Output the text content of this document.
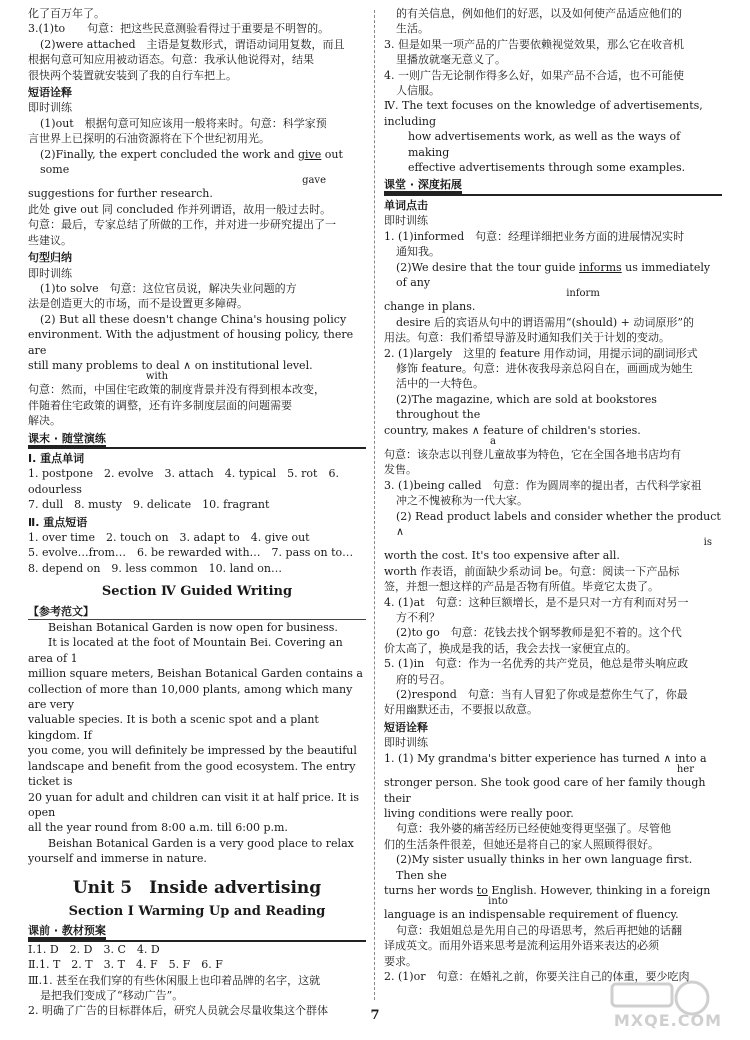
化了百万年了。
3.(1)to　　句意：把这些民意测验看得过于重要是不明智的。
(2)were attached　主语是复数形式，谓语动词用复数，而且
根据句意可知应用被动语态。句意：我承认他说得对，结果
很快两个装置就安装到了我的自行车把上。
短语诠释
即时训练
(1)out　根据句意可知应该用一般将来时。句意：科学家预
言世界上已探明的石油资源将在下个世纪初用光。
(2)Finally, the expert concluded the work and give out some
gave
suggestions for further research.
此处 give out 同 concluded 作并列谓语，故用一般过去时。
句意：最后，专家总结了所做的工作，并对进一步研究提出了一
些建议。
句型归纳
即时训练
(1)to solve　句意：这位官员说，解决失业问题的方
法是创造更大的市场，而不是设置更多障碍。
(2) But all these doesn't change China's housing policy
environment. With the adjustment of housing policy, there are
still many problems to deal ∧ on institutional level.
with
句意：然而，中国住宅政策的制度背景并没有得到根本改变，
伴随着住宅政策的调整，还有许多制度层面的问题需要
解决。
课末 · 随堂演练
Ⅰ. 重点单词
1. postpone　2. evolve　3. attach　4. typical　5. rot　6. odourless
7. dull　8. musty　9. delicate　10. fragrant
Ⅱ. 重点短语
1. over time　2. touch on　3. adapt to　4. give out
5. evolve…from…　6. be rewarded with…　7. pass on to…
8. depend on　9. less common　10. land on…
Section Ⅳ Guided Writing
【参考范文】
Beishan Botanical Garden is now open for business.
It is located at the foot of Mountain Bei. Covering an area of 1
million square meters, Beishan Botanical Garden contains a
collection of more than 10,000 plants, among which many are very
valuable species. It is both a scenic spot and a plant kingdom. If
you come, you will definitely be impressed by the beautiful
landscape and benefit from the good ecosystem. The entry ticket is
20 yuan for adult and children can visit it at half price. It is open
all the year round from 8:00 a.m. till 6:00 p.m.
Beishan Botanical Garden is a very good place to relax
yourself and immerse in nature.
Unit 5　Inside advertising
Section Ⅰ Warming Up and Reading
课前 · 教材预案
Ⅰ.1. D　2. D　3. C　4. D
Ⅱ.1. T　2. T　3. T　4. F　5. F　6. F
Ⅲ.1. 甚至在我们穿的有些休闲服上也印着品牌的名字，这就
是把我们变成了“移动广告”。
2. 明确了广告的目标群体后，研究人员就会尽量收集这个群体
的有关信息，例如他们的好恶，以及如何使产品适应他们的
生活。
3. 但是如果一项产品的广告要依赖视觉效果，那么它在收音机
里播放就毫无意义了。
4. 一则广告无论制作得多么好，如果产品不合适，也不可能使
人信服。
Ⅳ. The text focuses on the knowledge of advertisements, including
how advertisements work, as well as the ways of making
effective advertisements through some examples.
课堂 · 深度拓展
单词点击
即时训练
1. (1)informed　句意：经理详细把业务方面的进展情况实时
通知我。
(2)We desire that the tour guide informs us immediately of any
inform
change in plans.
desire 后的宾语从句中的谓语需用“(should) + 动词原形”的
用法。句意：我们希望导游及时通知我们关于计划的变动。
2. (1)largely　这里的 feature 用作动词，用提示词的副词形式
修饰 feature。句意：进休夜我母亲总闷自在，画画成为她生
活中的一大特色。
(2)The magazine, which are sold at bookstores throughout the
country, makes ∧ feature of children's stories.
a
句意：该杂志以刊登儿童故事为特色，它在全国各地书店均有
发售。
3. (1)being called　句意：作为圆周率的提出者，古代科学家祖
冲之不愧被称为一代大家。
(2) Read product labels and consider whether the product ∧
is
worth the cost. It's too expensive after all.
worth 作表语，前面缺少系动词 be。句意：阅读一下产品标
签，并想一想这样的产品是否物有所值。毕竟它太贵了。
4. (1)at　句意：这种巨额增长，是不是只对一方有利而对另一
方不利？
(2)to go　句意：花钱去找个钢琴教师是犯不着的。这个代
价太高了，换成是我的话，我会去找一家便宜点的。
5. (1)in　句意：作为一名优秀的共产党员，他总是带头响应政
府的号召。
(2)respond　句意：当有人冒犯了你或是惹你生气了，你最
好用幽默还击，不要报以敌意。
短语诠释
即时训练
1. (1) My grandma's bitter experience has turned ∧ into a
her
stronger person. She took good care of her family though their
living conditions were really poor.
句意：我外婆的痛苦经历已经使她变得更坚强了。尽管他
们的生活条件很差，但她还是将自己的家人照顾得很好。
(2)My sister usually thinks in her own language first. Then she
turns her words to English. However, thinking in a foreign
into
language is an indispensable requirement of fluency.
句意：我姐姐总是先用自己的母语思考，然后再把她的话翻
译成英文。而用外语来思考是流利运用外语来表达的必须
要求。
2. (1)or　句意：在婚礼之前，你要关注自己的体重，要少吃肉
7	MXQE.COM
